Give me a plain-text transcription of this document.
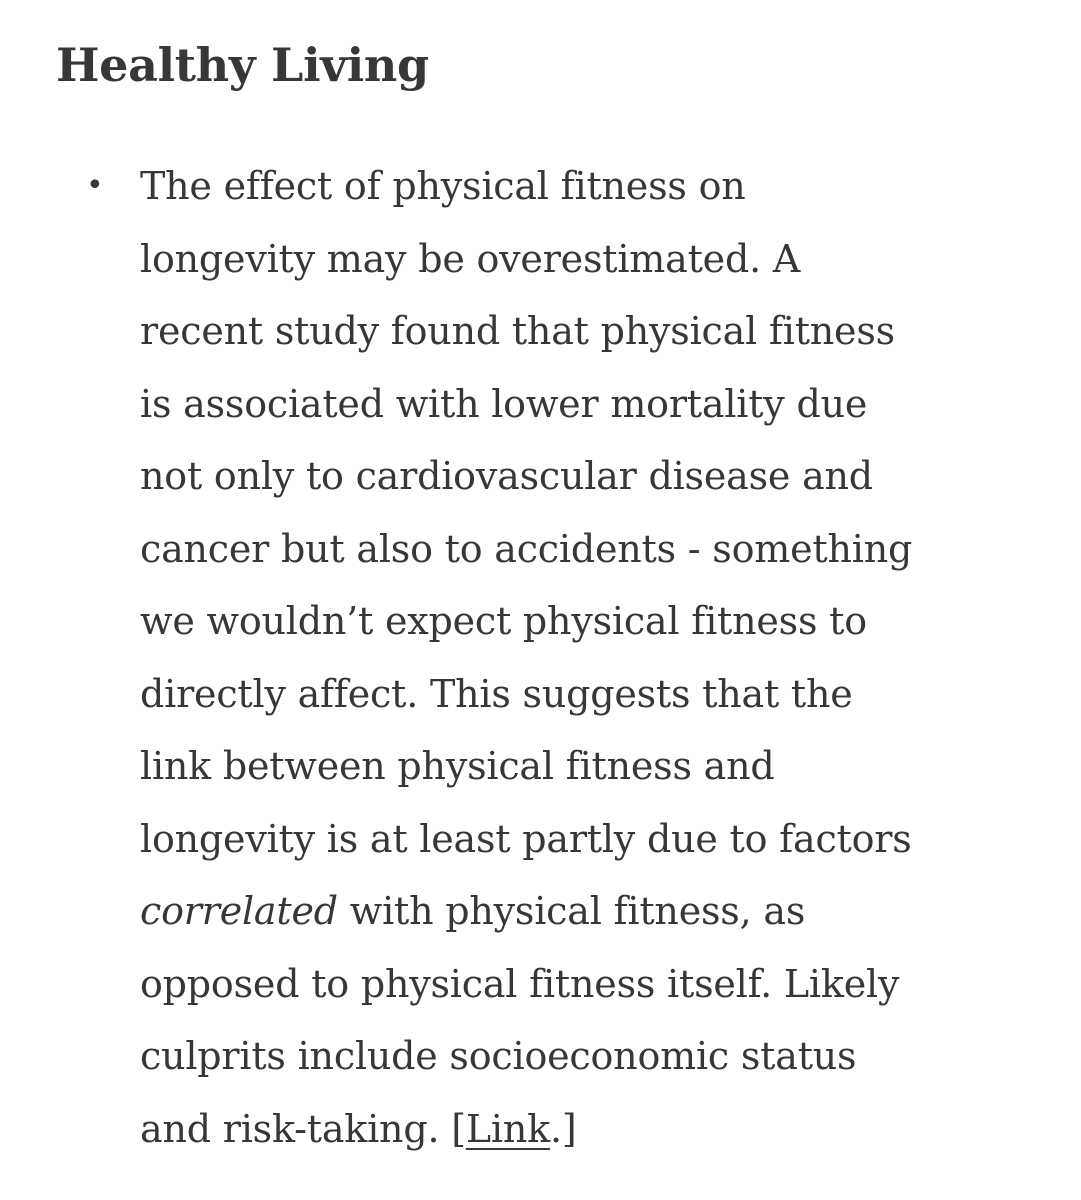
Healthy Living
• The effect of physical fitness on
longevity may be overestimated. A
recent study found that physical fitness
is associated with lower mortality due
not only to cardiovascular disease and
cancer but also to accidents - something
we wouldn’t expect physical fitness to
directly affect. This suggests that the
link between physical fitness and
longevity is at least partly due to factors
correlated with physical fitness, as
opposed to physical fitness itself. Likely
culprits include socioeconomic status
and risk-taking. [Link.]
